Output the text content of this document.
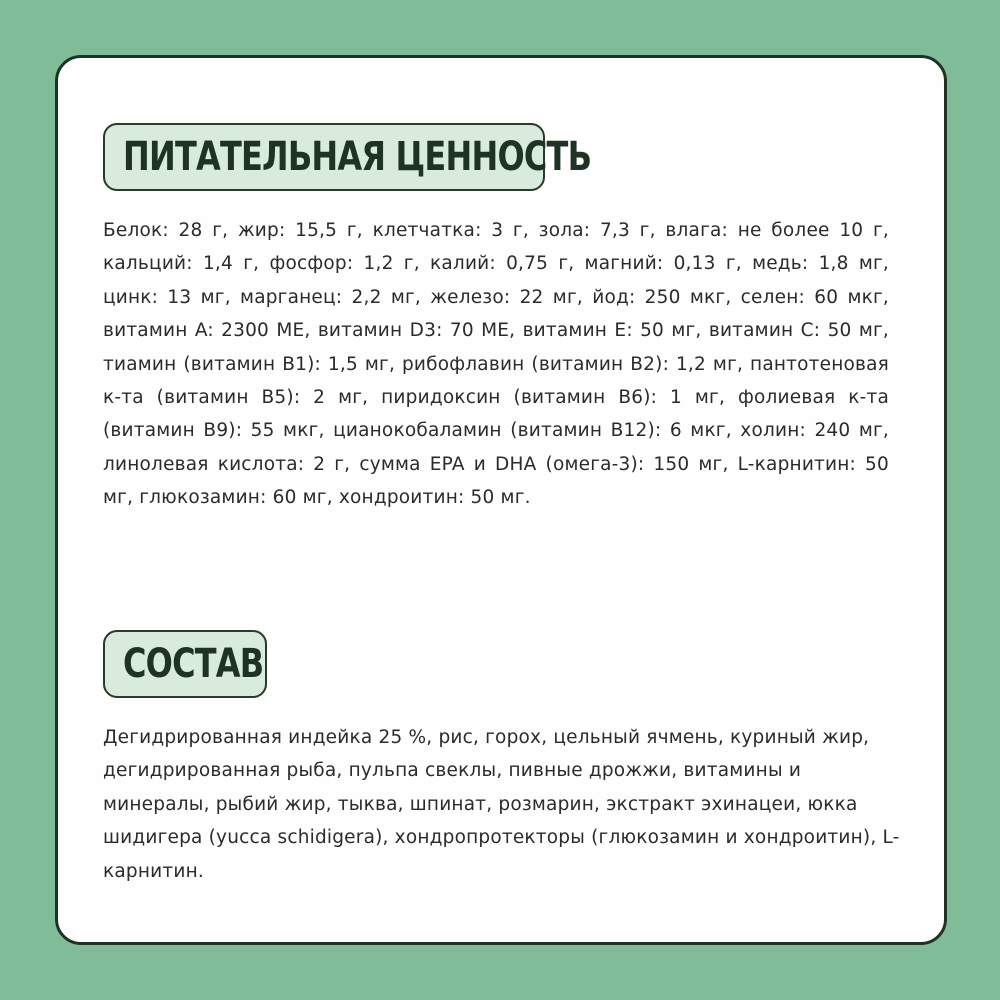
ПИТАТЕЛЬНАЯ ЦЕННОСТЬ

Белок: 28 г, жир: 15,5 г, клетчатка: 3 г, зола: 7,3 г, влага: не более 10 г, кальций: 1,4 г, фосфор: 1,2 г, калий: 0,75 г, магний: 0,13 г, медь: 1,8 мг, цинк: 13 мг, марганец: 2,2 мг, железо: 22 мг, йод: 250 мкг, селен: 60 мкг, витамин A: 2300 МЕ, витамин D3: 70 МЕ, витамин E: 50 мг, витамин C: 50 мг, тиамин (витамин B1): 1,5 мг, рибофлавин (витамин B2): 1,2 мг, пантотеновая к-та (витамин B5): 2 мг, пиридоксин (витамин B6): 1 мг, фолиевая к-та (витамин B9): 55 мкг, цианокобаламин (витамин B12): 6 мкг, холин: 240 мг, линолевая кислота: 2 г, сумма EPA и DHA (омега-3): 150 мг, L-карнитин: 50 мг, глюкозамин: 60 мг, хондроитин: 50 мг.

СОСТАВ

Дегидрированная индейка 25 %, рис, горох, цельный ячмень, куриный жир, дегидрированная рыба, пульпа свеклы, пивные дрожжи, витамины и минералы, рыбий жир, тыква, шпинат, розмарин, экстракт эхинацеи, юкка шидигера (yucca schidigera), хондропротекторы (глюкозамин и хондроитин), L-карнитин.
